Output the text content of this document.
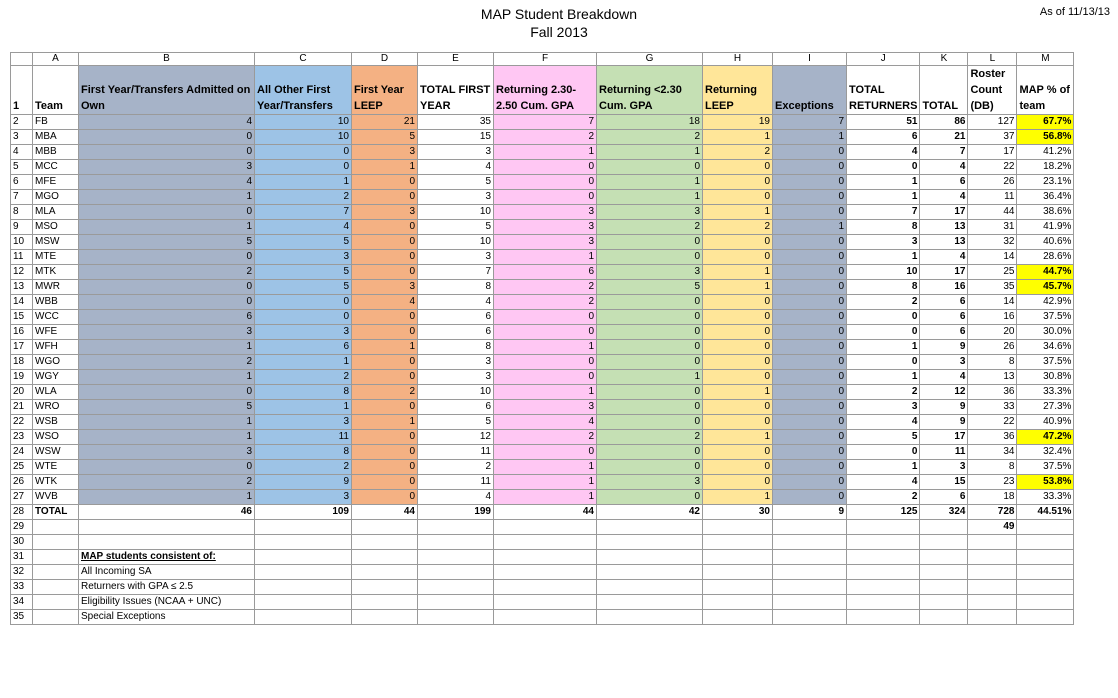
MAP Student Breakdown
Fall 2013
As of 11/13/13
	A	B	C	D	E	F	G	H	I	J	K	L	M
1	Team	First Year/Transfers Admitted on Own	All Other First Year/Transfers	First Year LEEP	TOTAL FIRST YEAR	Returning 2.30-2.50 Cum. GPA	Returning <2.30 Cum. GPA	Returning LEEP	Exceptions	TOTAL RETURNERS	TOTAL	Roster Count (DB)	MAP % of team
2	FB	4	10	21	35	7	18	19	7	51	86	127	67.7%
3	MBA	0	10	5	15	2	2	1	1	6	21	37	56.8%
4	MBB	0	0	3	3	1	1	2	0	4	7	17	41.2%
5	MCC	3	0	1	4	0	0	0	0	0	4	22	18.2%
6	MFE	4	1	0	5	0	1	0	0	1	6	26	23.1%
7	MGO	1	2	0	3	0	1	0	0	1	4	11	36.4%
8	MLA	0	7	3	10	3	3	1	0	7	17	44	38.6%
9	MSO	1	4	0	5	3	2	2	1	8	13	31	41.9%
10	MSW	5	5	0	10	3	0	0	0	3	13	32	40.6%
11	MTE	0	3	0	3	1	0	0	0	1	4	14	28.6%
12	MTK	2	5	0	7	6	3	1	0	10	17	25	44.7%
13	MWR	0	5	3	8	2	5	1	0	8	16	35	45.7%
14	WBB	0	0	4	4	2	0	0	0	2	6	14	42.9%
15	WCC	6	0	0	6	0	0	0	0	0	6	16	37.5%
16	WFE	3	3	0	6	0	0	0	0	0	6	20	30.0%
17	WFH	1	6	1	8	1	0	0	0	1	9	26	34.6%
18	WGO	2	1	0	3	0	0	0	0	0	3	8	37.5%
19	WGY	1	2	0	3	0	1	0	0	1	4	13	30.8%
20	WLA	0	8	2	10	1	0	1	0	2	12	36	33.3%
21	WRO	5	1	0	6	3	0	0	0	3	9	33	27.3%
22	WSB	1	3	1	5	4	0	0	0	4	9	22	40.9%
23	WSO	1	11	0	12	2	2	1	0	5	17	36	47.2%
24	WSW	3	8	0	11	0	0	0	0	0	11	34	32.4%
25	WTE	0	2	0	2	1	0	0	0	1	3	8	37.5%
26	WTK	2	9	0	11	1	3	0	0	4	15	23	53.8%
27	WVB	1	3	0	4	1	0	1	0	2	6	18	33.3%
28	TOTAL	46	109	44	199	44	42	30	9	125	324	728	44.51%
29												49	
30													
31		MAP students consistent of:											
32		All Incoming SA											
33		Returners with GPA ≤ 2.5											
34		Eligibility Issues (NCAA + UNC)											
35		Special Exceptions											
